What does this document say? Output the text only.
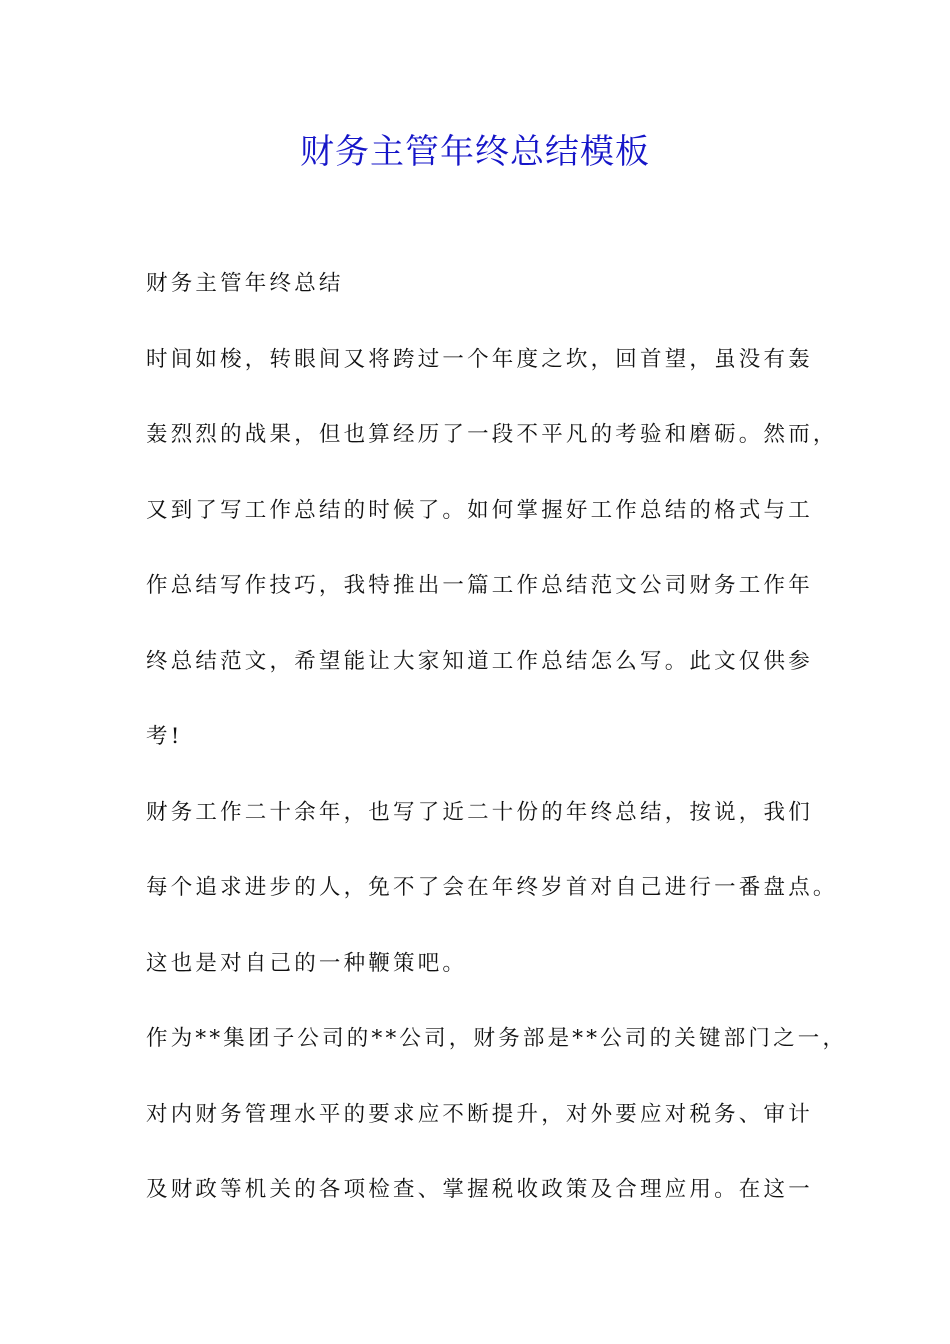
财务主管年终总结模板
财务主管年终总结
时间如梭，转眼间又将跨过一个年度之坎，回首望，虽没有轰
轰烈烈的战果，但也算经历了一段不平凡的考验和磨砺。然而，
又到了写工作总结的时候了。如何掌握好工作总结的格式与工
作总结写作技巧，我特推出一篇工作总结范文公司财务工作年
终总结范文，希望能让大家知道工作总结怎么写。此文仅供参
考!
财务工作二十余年，也写了近二十份的年终总结，按说，我们
每个追求进步的人，免不了会在年终岁首对自己进行一番盘点。
这也是对自己的一种鞭策吧。
作为**集团子公司的**公司，财务部是**公司的关键部门之一，
对内财务管理水平的要求应不断提升，对外要应对税务、审计
及财政等机关的各项检查、掌握税收政策及合理应用。在这一
